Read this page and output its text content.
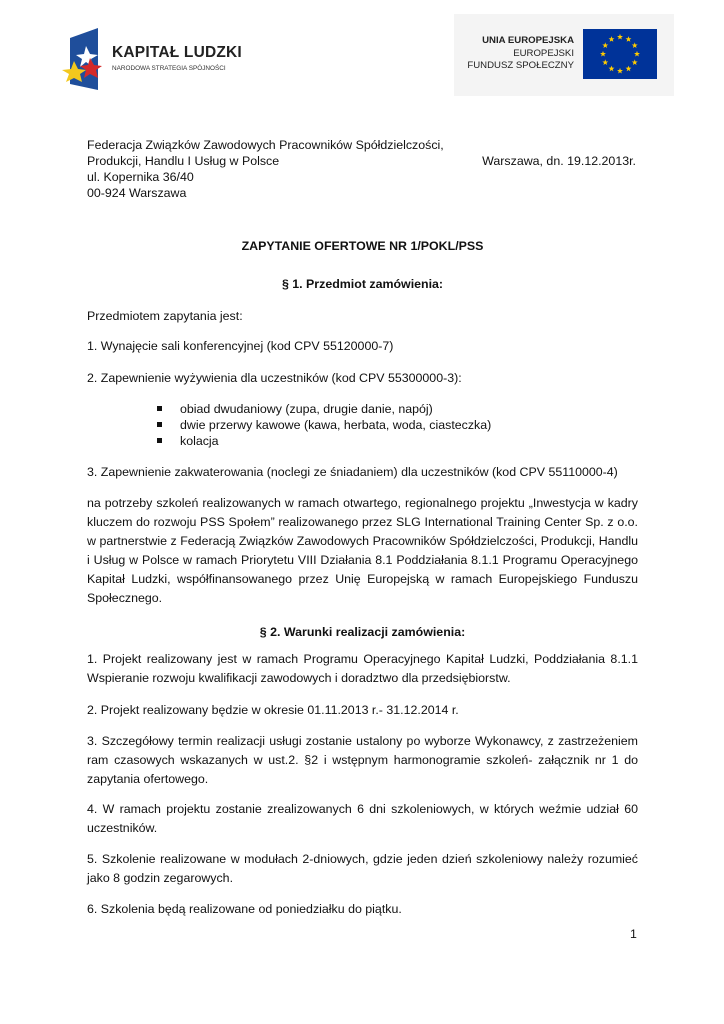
KAPITAŁ LUDZKI
NARODOWA STRATEGIA SPÓJNOŚCI
UNIA EUROPEJSKA
EUROPEJSKI
FUNDUSZ SPOŁECZNY
Federacja Związków Zawodowych Pracowników Spółdzielczości,
Produkcji, Handlu I Usług w Polsce
ul. Kopernika 36/40
00-924 Warszawa
Warszawa, dn. 19.12.2013r.
ZAPYTANIE OFERTOWE NR 1/POKL/PSS
§ 1. Przedmiot zamówienia:
Przedmiotem zapytania jest:
1. Wynajęcie sali konferencyjnej (kod CPV 55120000-7)
2. Zapewnienie wyżywienia dla uczestników (kod CPV 55300000-3):
obiad dwudaniowy (zupa, drugie danie, napój)
dwie przerwy kawowe (kawa, herbata, woda, ciasteczka)
kolacja
3. Zapewnienie zakwaterowania (noclegi ze śniadaniem) dla uczestników (kod CPV 55110000-4)
na potrzeby szkoleń realizowanych w ramach otwartego, regionalnego projektu „Inwestycja w kadry kluczem do rozwoju PSS Społem” realizowanego przez SLG International Training Center Sp. z o.o. w partnerstwie z Federacją Związków Zawodowych Pracowników Spółdzielczości, Produkcji, Handlu i Usług w Polsce w ramach Priorytetu VIII Działania 8.1 Poddziałania 8.1.1 Programu Operacyjnego Kapitał Ludzki, współfinansowanego przez Unię Europejską w ramach Europejskiego Funduszu Społecznego.
§ 2. Warunki realizacji zamówienia:
1. Projekt realizowany jest w ramach Programu Operacyjnego Kapitał Ludzki, Poddziałania 8.1.1 Wspieranie rozwoju kwalifikacji zawodowych i doradztwo dla przedsiębiorstw.
2. Projekt realizowany będzie w okresie 01.11.2013 r.- 31.12.2014 r.
3. Szczegółowy termin realizacji usługi zostanie ustalony po wyborze Wykonawcy, z zastrzeżeniem ram czasowych wskazanych w ust.2. §2 i wstępnym harmonogramie szkoleń- załącznik nr 1 do zapytania ofertowego.
4. W ramach projektu zostanie zrealizowanych 6 dni szkoleniowych, w których weźmie udział 60 uczestników.
5. Szkolenie realizowane w modułach 2-dniowych, gdzie jeden dzień szkoleniowy należy rozumieć jako 8 godzin zegarowych.
6. Szkolenia będą realizowane od poniedziałku do piątku.
1
